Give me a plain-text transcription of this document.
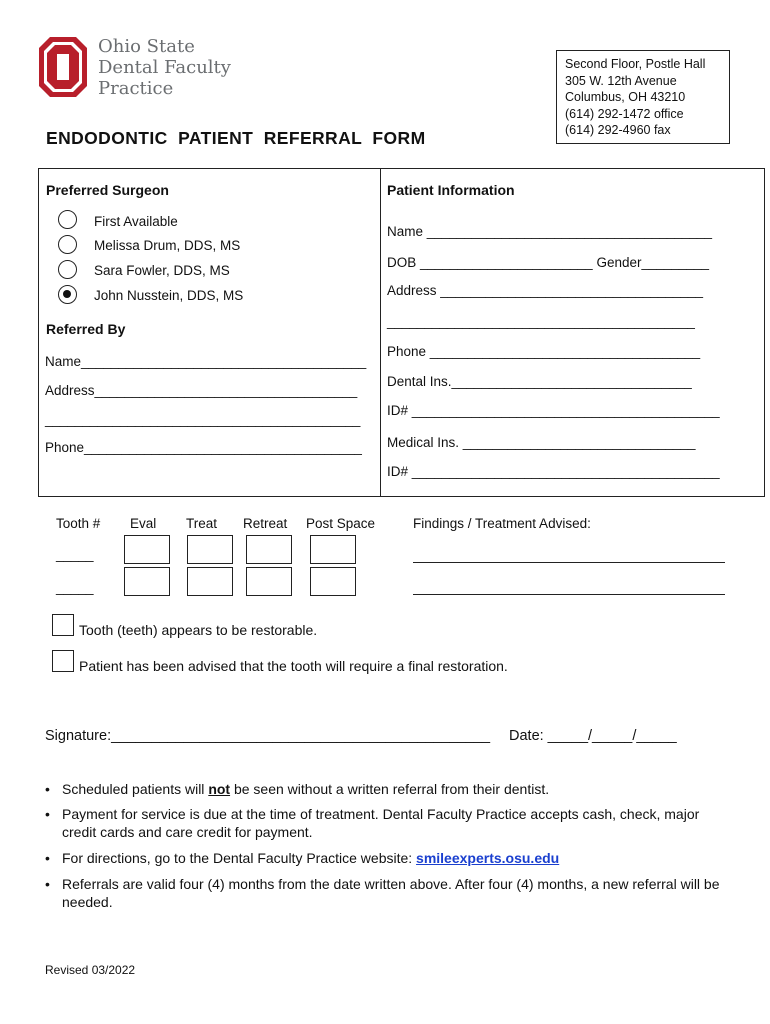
Ohio State
Dental Faculty
Practice
Second Floor, Postle Hall
305 W. 12th Avenue
Columbus, OH 43210
(614) 292-1472 office
(614) 292-4960 fax
ENDODONTIC  PATIENT  REFERRAL  FORM
Preferred Surgeon
First Available
Melissa Drum, DDS, MS
Sara Fowler, DDS, MS
John Nusstein, DDS, MS
Referred By
Name______________________________________
Address___________________________________
__________________________________________
Phone_____________________________________
Patient Information
Name ______________________________________
DOB _______________________ Gender_________
Address ___________________________________
_________________________________________
Phone ____________________________________
Dental Ins.________________________________
ID# _________________________________________
Medical Ins. _______________________________
ID# _________________________________________
Tooth # Eval Treat Retreat Post Space
_____
_____
Findings / Treatment Advised:
Tooth (teeth) appears to be restorable.
Patient has been advised that the tooth will require a final restoration.
Signature:_______________________________________________ Date: _____/_____/_____
• Scheduled patients will not be seen without a written referral from their dentist.
• Payment for service is due at the time of treatment. Dental Faculty Practice accepts cash, check, major credit cards and care credit for payment.
• For directions, go to the Dental Faculty Practice website: smileexperts.osu.edu
• Referrals are valid four (4) months from the date written above. After four (4) months, a new referral will be needed.
Revised 03/2022
